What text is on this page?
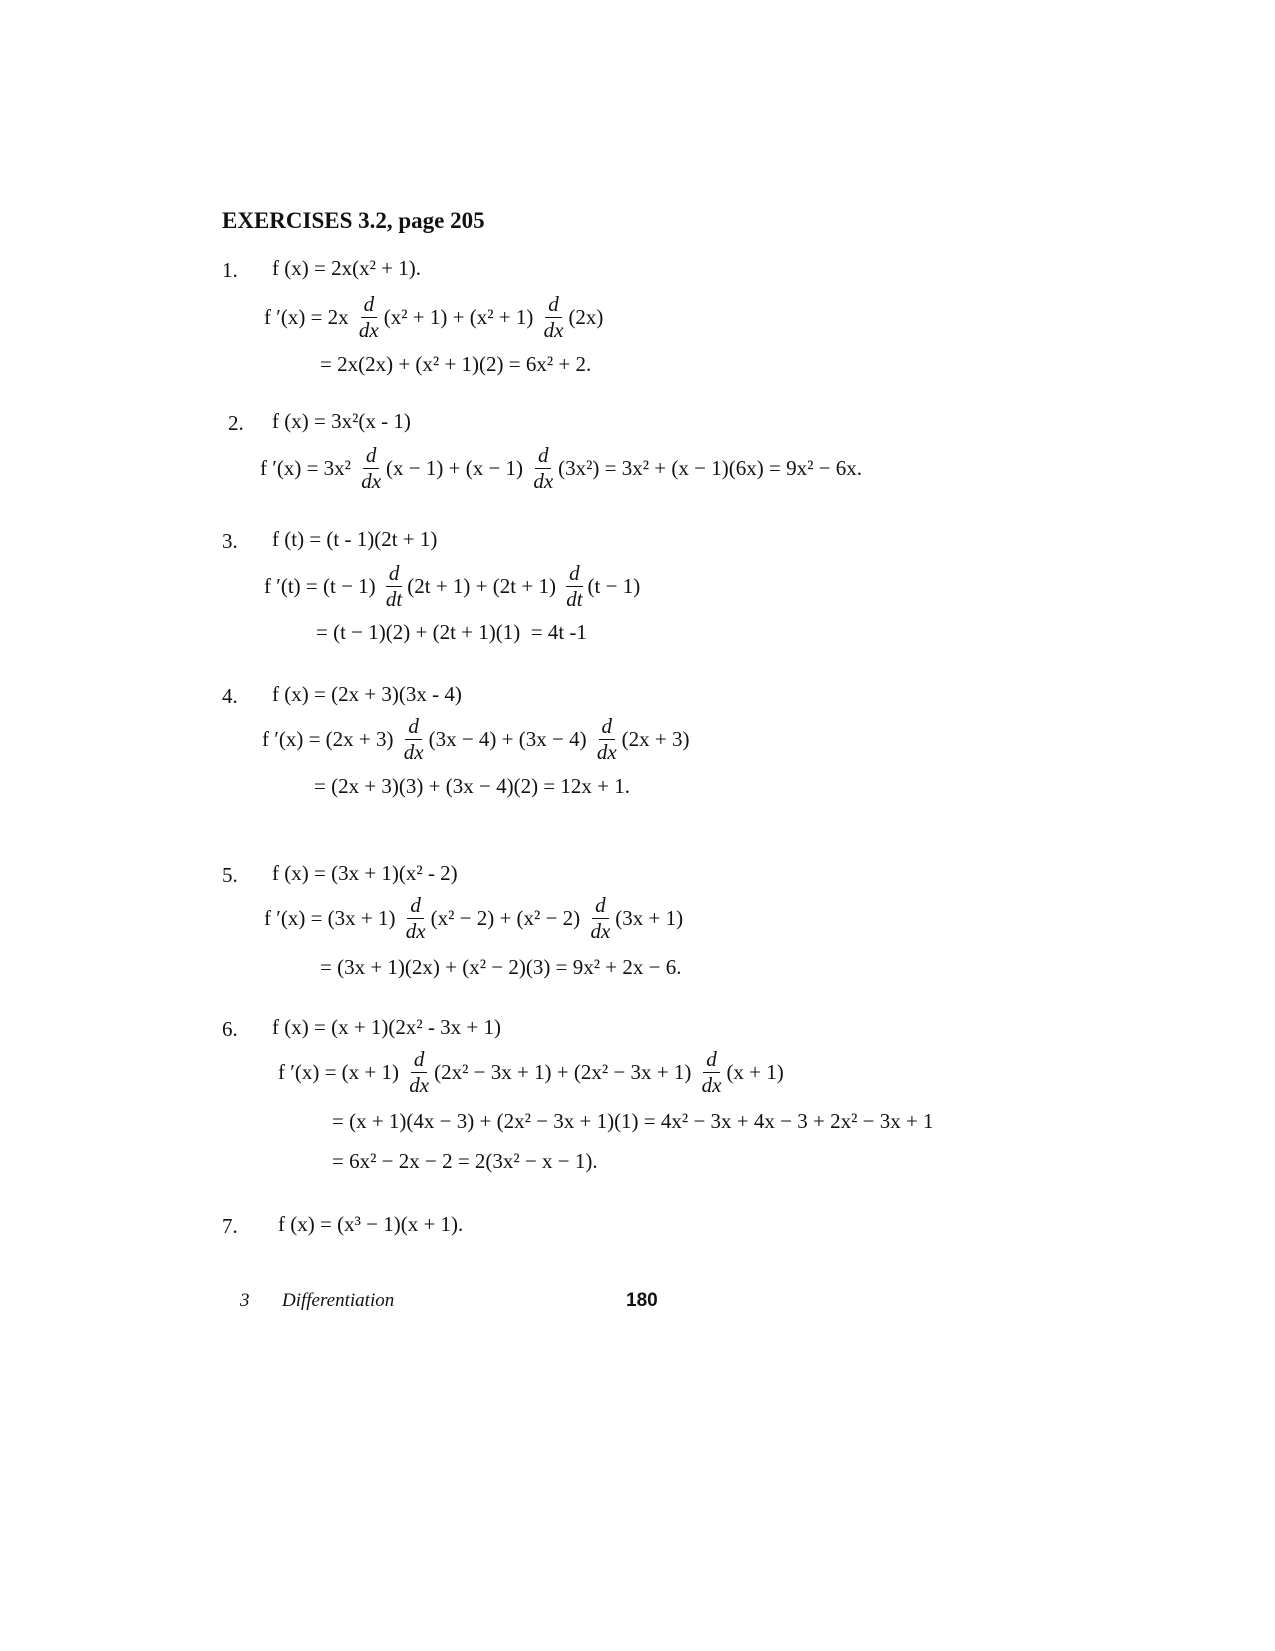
EXERCISES 3.2, page 205
1. f (x) = 2x(x² + 1).
f $'(x) = 2x \frac{d}{dx} (x^2 + 1) + (x^2 + 1) \frac{d}{dx} (2x)$
= 2x(2x) + (x² + 1)(2) = 6x² + 2.
2. f (x) = 3x²(x - 1)
f $'(x) = 3x^2 \frac{d}{dx} (x - 1) + (x - 1) \frac{d}{dx} (3x^2) = 3x^2 + (x - 1)(6x) = 9x^2 - 6x$.
3. f (t) = (t - 1)(2t + 1)
f $'(t) = (t - 1) \frac{d}{dt} (2t + 1) + (2t + 1) \frac{d}{dt} (t - 1)$
= (t − 1)(2) + (2t + 1)(1)  = 4t -1
4. f (x) = (2x + 3)(3x - 4)
f $'(x) = (2x + 3) \frac{d}{dx} (3x - 4) + (3x - 4) \frac{d}{dx} (2x + 3)$
= (2x + 3)(3) + (3x − 4)(2) = 12x + 1.
5. f (x) = (3x + 1)(x² - 2)
f $'(x) = (3x + 1) \frac{d}{dx} (x^2 - 2) + (x^2 - 2) \frac{d}{dx} (3x + 1)$
= (3x + 1)(2x) + (x² − 2)(3) = 9x² + 2x − 6.
6. f (x) = (x + 1)(2x² - 3x + 1)
f $'(x) = (x + 1) \frac{d}{dx} (2x^2 - 3x + 1) + (2x^2 - 3x + 1) \frac{d}{dx} (x + 1)$
= (x + 1)(4x − 3) + (2x² − 3x + 1)(1) = 4x² − 3x + 4x − 3 + 2x² − 3x + 1
= 6x² − 2x − 2 = 2(3x² − x − 1).
7. f (x) = (x³ − 1)(x + 1).
3 Differentiation	180
